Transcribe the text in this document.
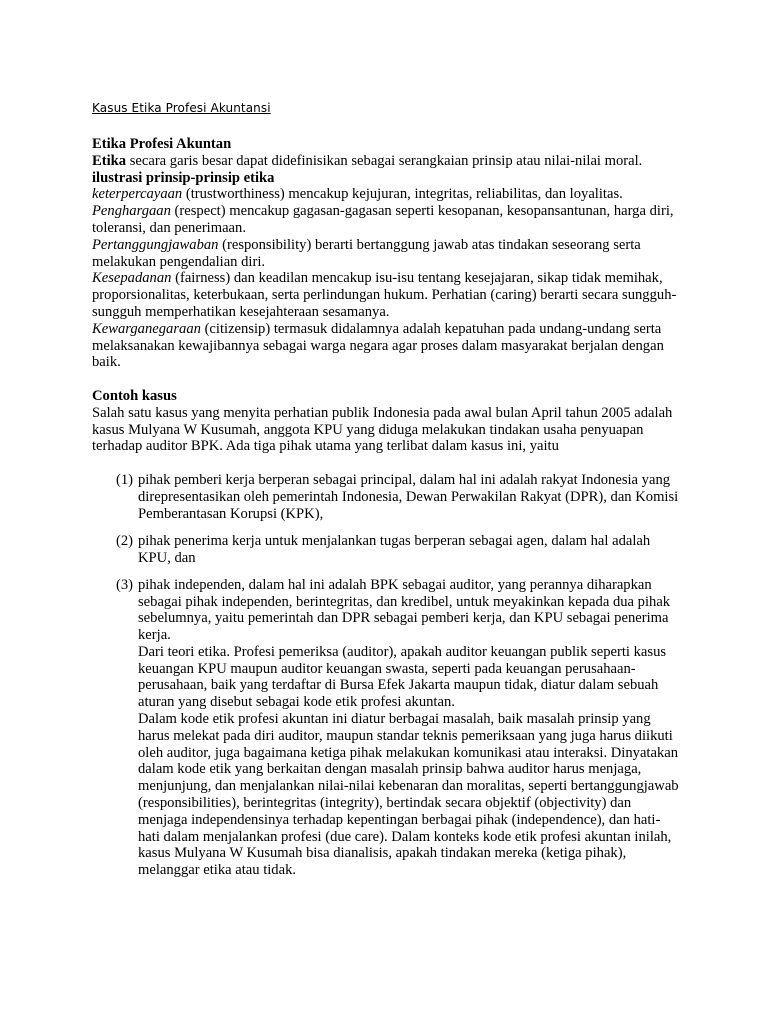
Kasus Etika Profesi Akuntansi

Etika Profesi Akuntan

Etika secara garis besar dapat didefinisikan sebagai serangkaian prinsip atau nilai-nilai moral.

ilustrasi prinsip-prinsip etika

keterpercayaan (trustworthiness) mencakup kejujuran, integritas, reliabilitas, dan loyalitas.

Penghargaan (respect) mencakup gagasan-gagasan seperti kesopanan, kesopansantunan, harga diri, toleransi, dan penerimaan.

Pertanggungjawaban (responsibility) berarti bertanggung jawab atas tindakan seseorang serta melakukan pengendalian diri.

Kesepadanan (fairness) dan keadilan mencakup isu-isu tentang kesejajaran, sikap tidak memihak, proporsionalitas, keterbukaan, serta perlindungan hukum. Perhatian (caring) berarti secara sungguh-sungguh memperhatikan kesejahteraan sesamanya.

Kewarganegaraan (citizensip) termasuk didalamnya adalah kepatuhan pada undang-undang serta melaksanakan kewajibannya sebagai warga negara agar proses dalam masyarakat berjalan dengan baik.

Contoh kasus

Salah satu kasus yang menyita perhatian publik Indonesia pada awal bulan April tahun 2005 adalah kasus Mulyana W Kusumah, anggota KPU yang diduga melakukan tindakan usaha penyuapan terhadap auditor BPK. Ada tiga pihak utama yang terlibat dalam kasus ini, yaitu

(1) pihak pemberi kerja berperan sebagai principal, dalam hal ini adalah rakyat Indonesia yang direpresentasikan oleh pemerintah Indonesia, Dewan Perwakilan Rakyat (DPR), dan Komisi Pemberantasan Korupsi (KPK),
(2) pihak penerima kerja untuk menjalankan tugas berperan sebagai agen, dalam hal adalah KPU, dan
(3) pihak independen, dalam hal ini adalah BPK sebagai auditor, yang perannya diharapkan sebagai pihak independen, berintegritas, dan kredibel, untuk meyakinkan kepada dua pihak sebelumnya, yaitu pemerintah dan DPR sebagai pemberi kerja, dan KPU sebagai penerima kerja.

Dari teori etika. Profesi pemeriksa (auditor), apakah auditor keuangan publik seperti kasus keuangan KPU maupun auditor keuangan swasta, seperti pada keuangan perusahaan-perusahaan, baik yang terdaftar di Bursa Efek Jakarta maupun tidak, diatur dalam sebuah aturan yang disebut sebagai kode etik profesi akuntan.

Dalam kode etik profesi akuntan ini diatur berbagai masalah, baik masalah prinsip yang harus melekat pada diri auditor, maupun standar teknis pemeriksaan yang juga harus diikuti oleh auditor, juga bagaimana ketiga pihak melakukan komunikasi atau interaksi. Dinyatakan dalam kode etik yang berkaitan dengan masalah prinsip bahwa auditor harus menjaga, menjunjung, dan menjalankan nilai-nilai kebenaran dan moralitas, seperti bertanggungjawab (responsibilities), berintegritas (integrity), bertindak secara objektif (objectivity) dan menjaga independensinya terhadap kepentingan berbagai pihak (independence), dan hati-hati dalam menjalankan profesi (due care). Dalam konteks kode etik profesi akuntan inilah, kasus Mulyana W Kusumah bisa dianalisis, apakah tindakan mereka (ketiga pihak), melanggar etika atau tidak.
